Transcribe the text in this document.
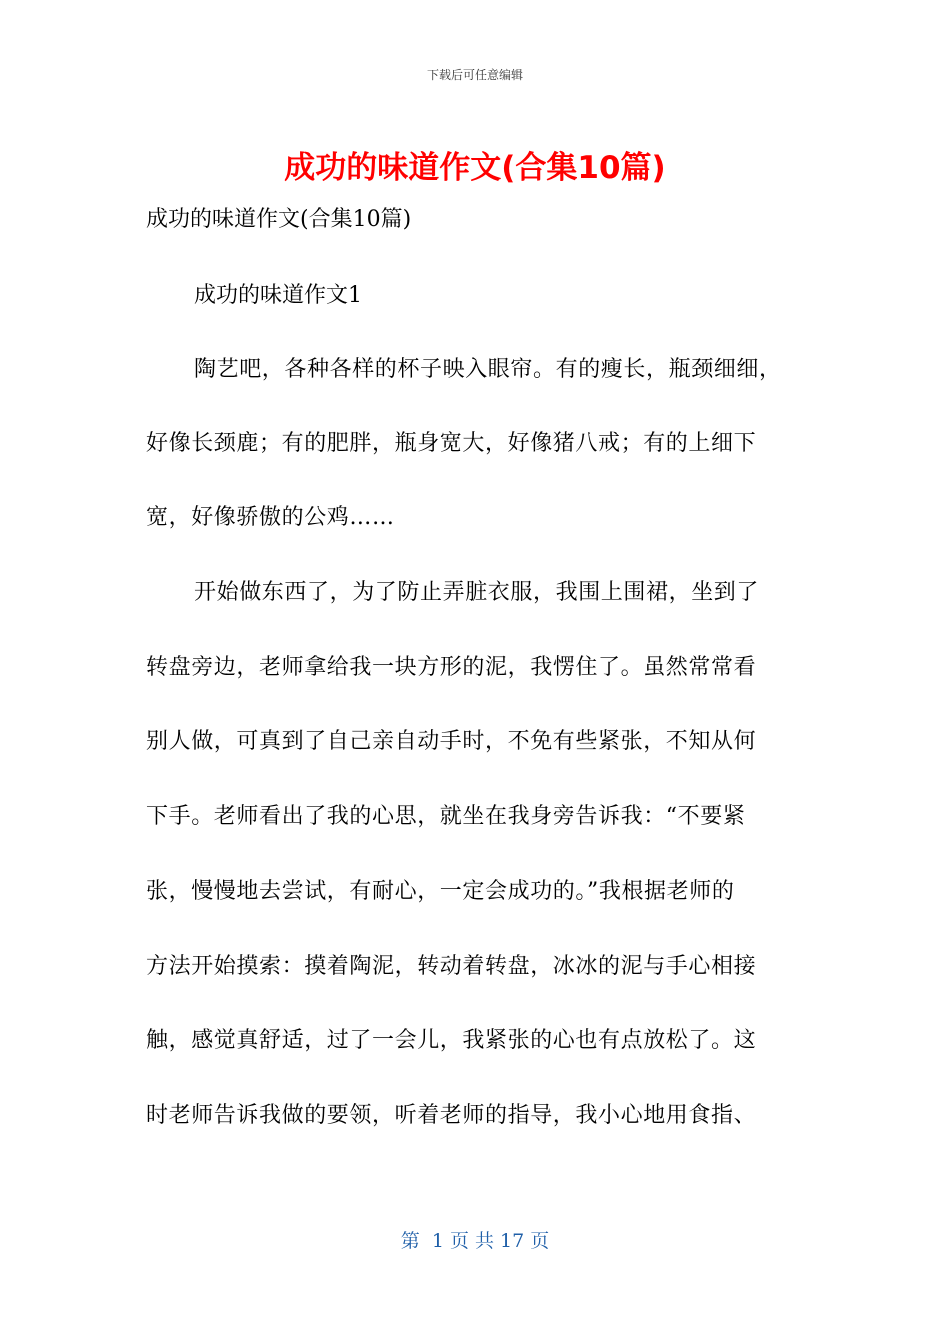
下载后可任意编辑
成功的味道作文(合集10篇)
成功的味道作文(合集10篇)
成功的味道作文1
陶艺吧，各种各样的杯子映入眼帘。有的瘦长，瓶颈细细，
好像长颈鹿；有的肥胖，瓶身宽大，好像猪八戒；有的上细下
宽，好像骄傲的公鸡……
开始做东西了，为了防止弄脏衣服，我围上围裙，坐到了
转盘旁边，老师拿给我一块方形的泥，我愣住了。虽然常常看
别人做，可真到了自己亲自动手时，不免有些紧张，不知从何
下手。老师看出了我的心思，就坐在我身旁告诉我：“不要紧
张，慢慢地去尝试，有耐心，一定会成功的。”我根据老师的
方法开始摸索：摸着陶泥，转动着转盘，冰冰的泥与手心相接
触，感觉真舒适，过了一会儿，我紧张的心也有点放松了。这
时老师告诉我做的要领，听着老师的指导，我小心地用食指、
第  1 页 共 17 页
